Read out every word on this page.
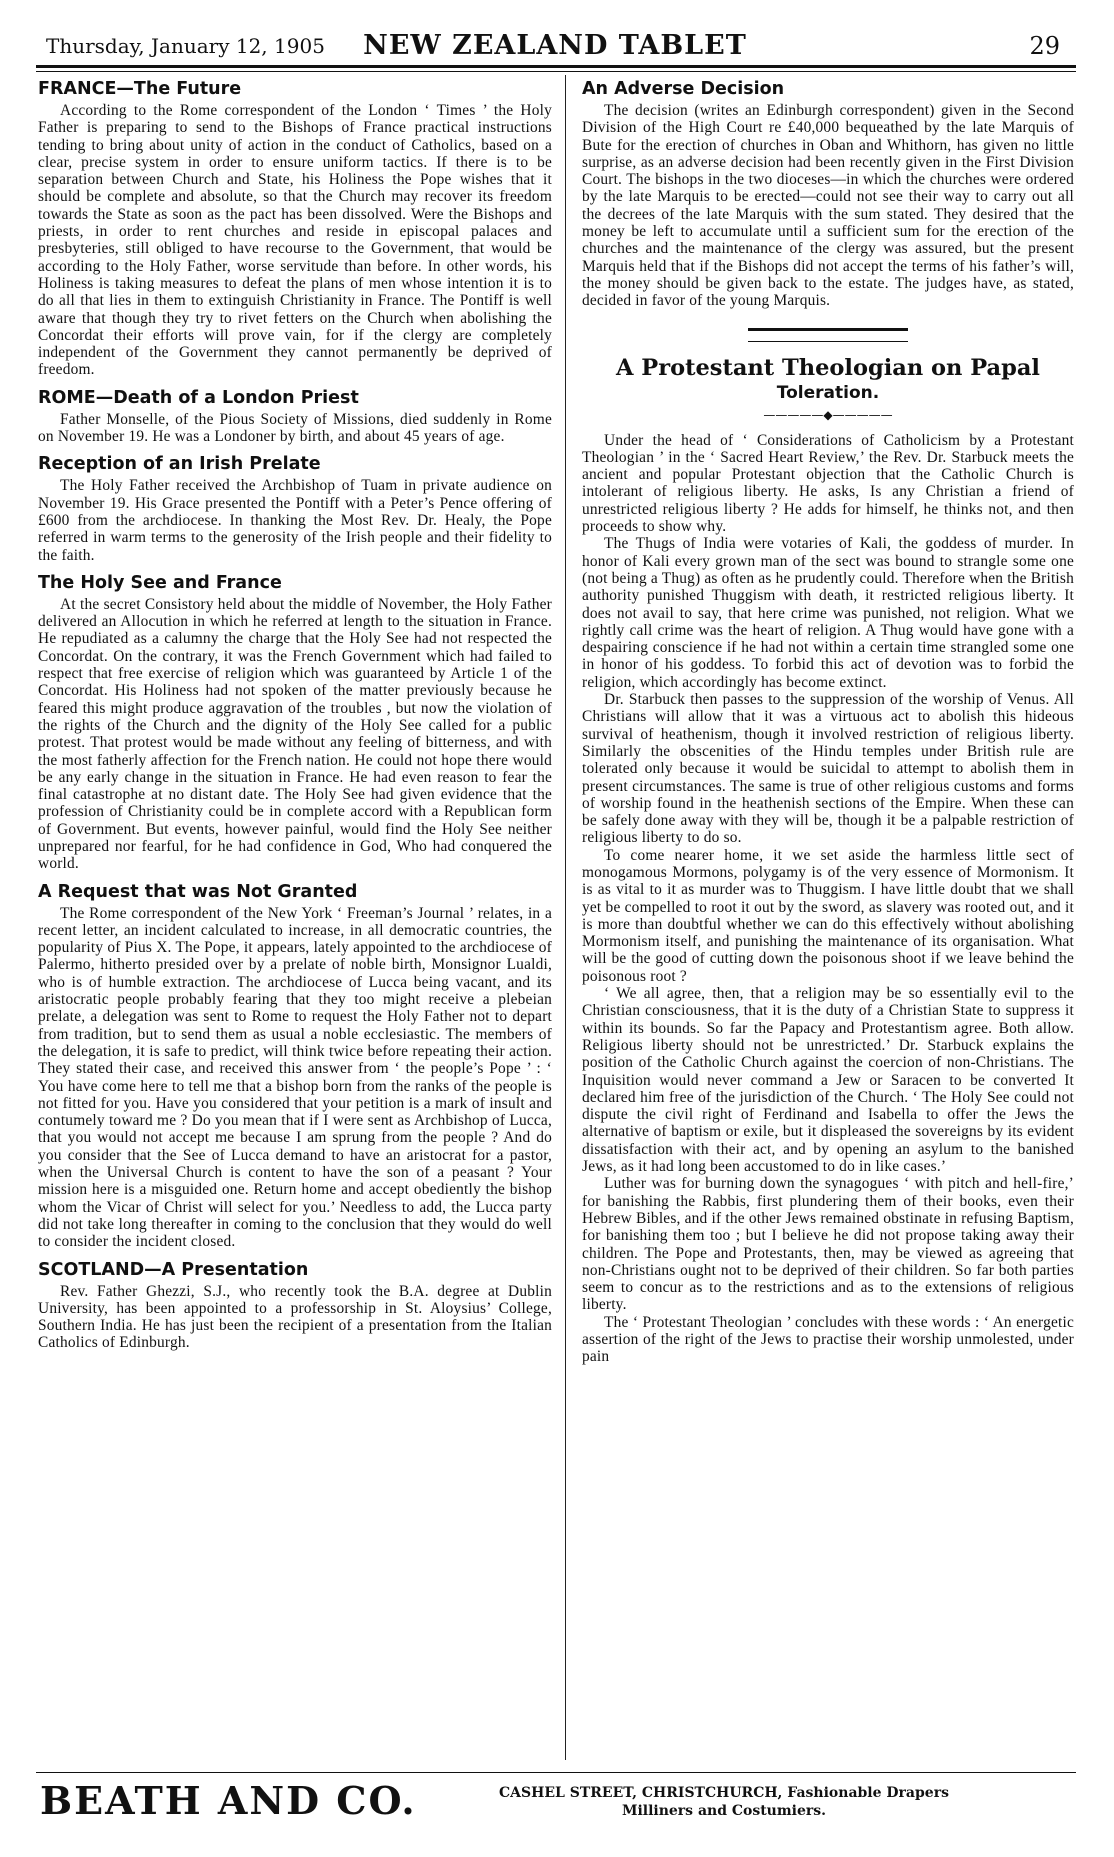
Thursday, January 12, 1905	NEW ZEALAND TABLET	29
FRANCE—The Future

According to the Rome correspondent of the London ‘ Times ’ the Holy Father is preparing to send to the Bishops of France practical instructions tending to bring about unity of action in the conduct of Catholics, based on a clear, precise system in order to ensure uniform tactics. If there is to be separation between Church and State, his Holiness the Pope wishes that it should be complete and absolute, so that the Church may recover its freedom towards the State as soon as the pact has been dissolved. Were the Bishops and priests, in order to rent churches and reside in episcopal palaces and presbyteries, still obliged to have recourse to the Government, that would be according to the Holy Father, worse servitude than before. In other words, his Holiness is taking measures to defeat the plans of men whose intention it is to do all that lies in them to extinguish Christianity in France. The Pontiff is well aware that though they try to rivet fetters on the Church when abolishing the Concordat their efforts will prove vain, for if the clergy are completely independent of the Government they cannot permanently be deprived of freedom.

ROME—Death of a London Priest

Father Monselle, of the Pious Society of Missions, died suddenly in Rome on November 19. He was a Londoner by birth, and about 45 years of age.

Reception of an Irish Prelate

The Holy Father received the Archbishop of Tuam in private audience on November 19. His Grace presented the Pontiff with a Peter’s Pence offering of £600 from the archdiocese. In thanking the Most Rev. Dr. Healy, the Pope referred in warm terms to the generosity of the Irish people and their fidelity to the faith.

The Holy See and France

At the secret Consistory held about the middle of November, the Holy Father delivered an Allocution in which he referred at length to the situation in France. He repudiated as a calumny the charge that the Holy See had not respected the Concordat. On the contrary, it was the French Government which had failed to respect that free exercise of religion which was guaranteed by Article 1 of the Concordat. His Holiness had not spoken of the matter previously because he feared this might produce aggravation of the troubles , but now the violation of the rights of the Church and the dignity of the Holy See called for a public protest. That protest would be made without any feeling of bitterness, and with the most fatherly affection for the French nation. He could not hope there would be any early change in the situation in France. He had even reason to fear the final catastrophe at no distant date. The Holy See had given evidence that the profession of Christianity could be in complete accord with a Republican form of Government. But events, however painful, would find the Holy See neither unprepared nor fearful, for he had confidence in God, Who had conquered the world.

A Request that was Not Granted

The Rome correspondent of the New York ‘ Freeman’s Journal ’ relates, in a recent letter, an incident calculated to increase, in all democratic countries, the popularity of Pius X. The Pope, it appears, lately appointed to the archdiocese of Palermo, hitherto presided over by a prelate of noble birth, Monsignor Lualdi, who is of humble extraction. The archdiocese of Lucca being vacant, and its aristocratic people probably fearing that they too might receive a plebeian prelate, a delegation was sent to Rome to request the Holy Father not to depart from tradition, but to send them as usual a noble ecclesiastic. The members of the delegation, it is safe to predict, will think twice before repeating their action. They stated their case, and received this answer from ‘ the people’s Pope ’ : ‘ You have come here to tell me that a bishop born from the ranks of the people is not fitted for you. Have you considered that your petition is a mark of insult and contumely toward me ? Do you mean that if I were sent as Archbishop of Lucca, that you would not accept me because I am sprung from the people ? And do you consider that the See of Lucca demand to have an aristocrat for a pastor, when the Universal Church is content to have the son of a peasant ? Your mission here is a misguided one. Return home and accept obediently the bishop whom the Vicar of Christ will select for you.’ Needless to add, the Lucca party did not take long thereafter in coming to the conclusion that they would do well to consider the incident closed.

SCOTLAND—A Presentation

Rev. Father Ghezzi, S.J., who recently took the B.A. degree at Dublin University, has been appointed to a professorship in St. Aloysius’ College, Southern India. He has just been the recipient of a presentation from the Italian Catholics of Edinburgh.

An Adverse Decision

The decision (writes an Edinburgh correspondent) given in the Second Division of the High Court re £40,000 bequeathed by the late Marquis of Bute for the erection of churches in Oban and Whithorn, has given no little surprise, as an adverse decision had been recently given in the First Division Court. The bishops in the two dioceses—in which the churches were ordered by the late Marquis to be erected—could not see their way to carry out all the decrees of the late Marquis with the sum stated. They desired that the money be left to accumulate until a sufficient sum for the erection of the churches and the maintenance of the clergy was assured, but the present Marquis held that if the Bishops did not accept the terms of his father’s will, the money should be given back to the estate. The judges have, as stated, decided in favor of the young Marquis.

A Protestant Theologian on Papal
Toleration.
—————◆—————

Under the head of ‘ Considerations of Catholicism by a Protestant Theologian ’ in the ‘ Sacred Heart Review,’ the Rev. Dr. Starbuck meets the ancient and popular Protestant objection that the Catholic Church is intolerant of religious liberty. He asks, Is any Christian a friend of unrestricted religious liberty ? He adds for himself, he thinks not, and then proceeds to show why.

The Thugs of India were votaries of Kali, the goddess of murder. In honor of Kali every grown man of the sect was bound to strangle some one (not being a Thug) as often as he prudently could. Therefore when the British authority punished Thuggism with death, it restricted religious liberty. It does not avail to say, that here crime was punished, not religion. What we rightly call crime was the heart of religion. A Thug would have gone with a despairing conscience if he had not within a certain time strangled some one in honor of his goddess. To forbid this act of devotion was to forbid the religion, which accordingly has become extinct.

Dr. Starbuck then passes to the suppression of the worship of Venus. All Christians will allow that it was a virtuous act to abolish this hideous survival of heathenism, though it involved restriction of religious liberty. Similarly the obscenities of the Hindu temples under British rule are tolerated only because it would be suicidal to attempt to abolish them in present circumstances. The same is true of other religious customs and forms of worship found in the heathenish sections of the Empire. When these can be safely done away with they will be, though it be a palpable restriction of religious liberty to do so.

To come nearer home, it we set aside the harmless little sect of monogamous Mormons, polygamy is of the very essence of Mormonism. It is as vital to it as murder was to Thuggism. I have little doubt that we shall yet be compelled to root it out by the sword, as slavery was rooted out, and it is more than doubtful whether we can do this effectively without abolishing Mormonism itself, and punishing the maintenance of its organisation. What will be the good of cutting down the poisonous shoot if we leave behind the poisonous root ?

‘ We all agree, then, that a religion may be so essentially evil to the Christian consciousness, that it is the duty of a Christian State to suppress it within its bounds. So far the Papacy and Protestantism agree. Both allow. Religious liberty should not be unrestricted.’ Dr. Starbuck explains the position of the Catholic Church against the coercion of non-Christians. The Inquisition would never command a Jew or Saracen to be converted It declared him free of the jurisdiction of the Church. ‘ The Holy See could not dispute the civil right of Ferdinand and Isabella to offer the Jews the alternative of baptism or exile, but it displeased the sovereigns by its evident dissatisfaction with their act, and by opening an asylum to the banished Jews, as it had long been accustomed to do in like cases.’

Luther was for burning down the synagogues ‘ with pitch and hell-fire,’ for banishing the Rabbis, first plundering them of their books, even their Hebrew Bibles, and if the other Jews remained obstinate in refusing Baptism, for banishing them too ; but I believe he did not propose taking away their children. The Pope and Protestants, then, may be viewed as agreeing that non-Christians ought not to be deprived of their children. So far both parties seem to concur as to the restrictions and as to the extensions of religious liberty.

The ‘ Protestant Theologian ’ concludes with these words : ‘ An energetic assertion of the right of the Jews to practise their worship unmolested, under pain

BEATH AND CO.	CASHEL STREET, CHRISTCHURCH, Fashionable Drapers
Milliners and Costumiers.
